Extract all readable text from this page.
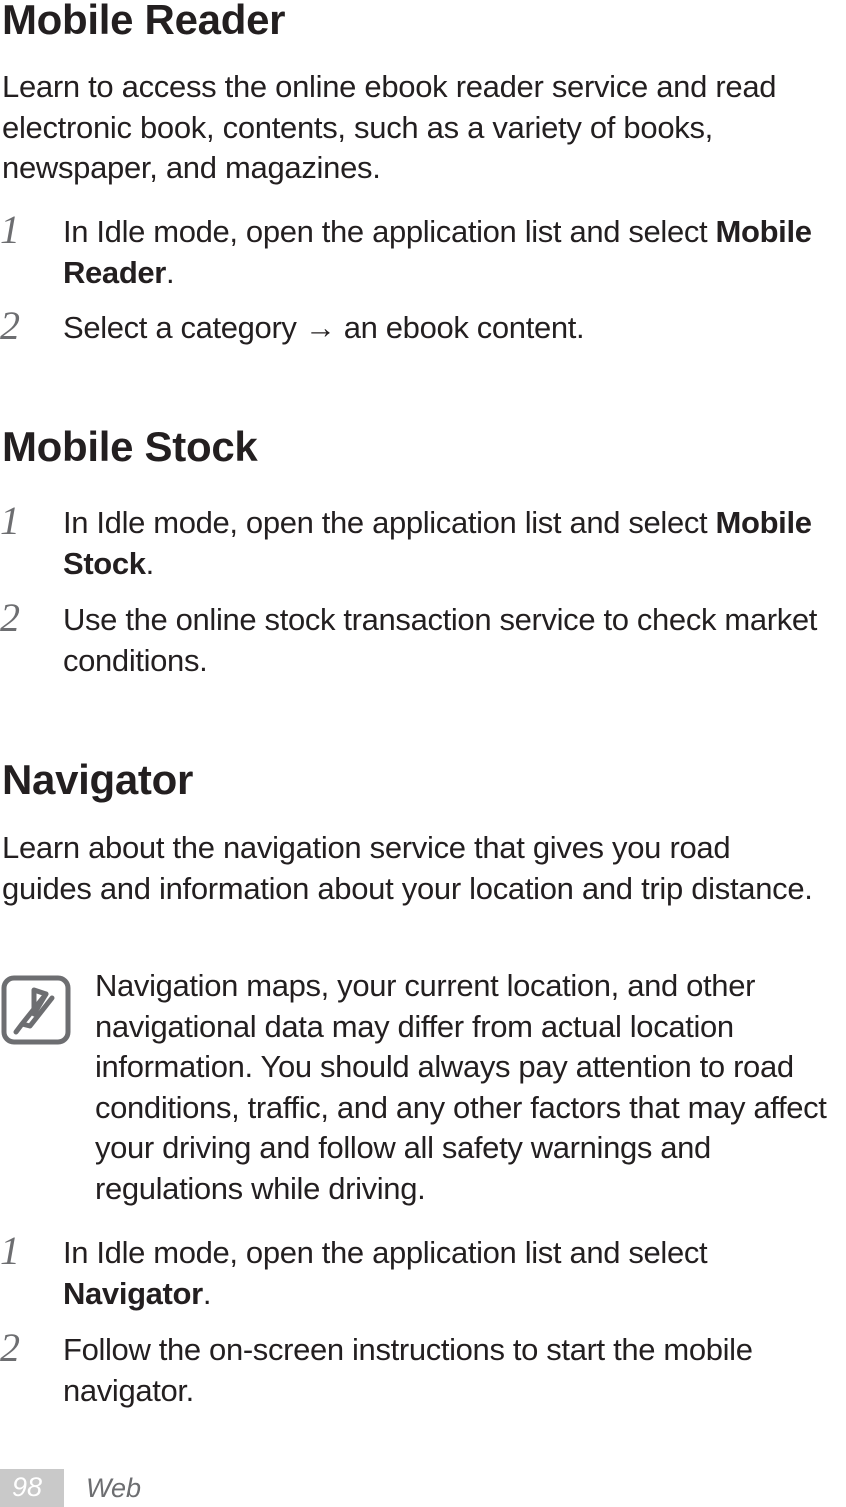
Mobile Reader

Learn to access the online ebook reader service and read electronic book, contents, such as a variety of books, newspaper, and magazines.

1 In Idle mode, open the application list and select Mobile Reader.

2 Select a category → an ebook content.

Mobile Stock
1 In Idle mode, open the application list and select Mobile Stock.

2 Use the online stock transaction service to check market conditions.

Navigator

Learn about the navigation service that gives you road guides and information about your location and trip distance.

Navigation maps, your current location, and other navigational data may differ from actual location information. You should always pay attention to road conditions, traffic, and any other factors that may affect your driving and follow all safety warnings and regulations while driving.

1 In Idle mode, open the application list and select Navigator.

2 Follow the on-screen instructions to start the mobile navigator.

98 Web
